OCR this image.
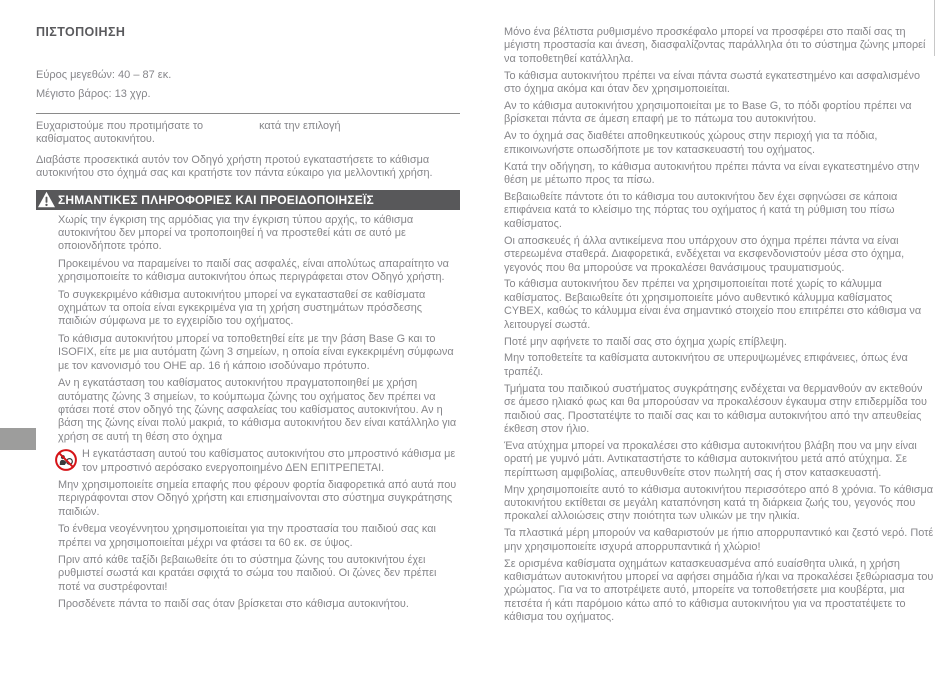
ΠΙΣΤΟΠΟΙΗΣΗ

Εύρος μεγεθών: 40 – 87 εκ.

Μέγιστο βάρος: 13 χγρ.

Ευχαριστούμε που προτιμήσατε το	κατά την επιλογή
καθίσματος αυτοκινήτου.

Διαβάστε προσεκτικά αυτόν τον Οδηγό χρήστη προτού εγκαταστήσετε το κάθισμα αυτοκινήτου στο όχημά σας και κρατήστε τον πάντα εύκαιρο για μελλοντική χρήση.

ΣΗΜΑΝΤΙΚΕΣ ΠΛΗΡΟΦΟΡΙΕΣ ΚΑΙ ΠΡΟΕΙΔΟΠΟΙΗΣΕΪΣ

Χωρίς την έγκριση της αρμόδιας για την έγκριση τύπου αρχής, το κάθισμα αυτοκινήτου δεν μπορεί να τροποποιηθεί ή να προστεθεί κάτι σε αυτό με οποιονδήποτε τρόπο.

Προκειμένου να παραμείνει το παιδί σας ασφαλές, είναι απολύτως απαραίτητο να χρησιμοποιείτε το κάθισμα αυτοκινήτου όπως περιγράφεται στον Οδηγό χρήστη.

Το συγκεκριμένο κάθισμα αυτοκινήτου μπορεί να εγκατασταθεί σε καθίσματα οχημάτων τα οποία είναι εγκεκριμένα για τη χρήση συστημάτων πρόσδεσης παιδιών σύμφωνα με το εγχειρίδιο του οχήματος.

Το κάθισμα αυτοκινήτου μπορεί να τοποθετηθεί είτε με την βάση Base G και το ISOFIX, είτε με μια αυτόματη ζώνη 3 σημείων, η οποία είναι εγκεκριμένη σύμφωνα με τον κανονισμό του ΟΗΕ αρ. 16 ή κάποιο ισοδύναμο πρότυπο.

Αν η εγκατάσταση του καθίσματος αυτοκινήτου πραγματοποιηθεί με χρήση αυτόματης ζώνης 3 σημείων, το κούμπωμα ζώνης του οχήματος δεν πρέπει να φτάσει ποτέ στον οδηγό της ζώνης ασφαλείας του καθίσματος αυτοκινήτου. Αν η βάση της ζώνης είναι πολύ μακριά, το κάθισμα αυτοκινήτου δεν είναι κατάλληλο για χρήση σε αυτή τη θέση στο όχημα

Η εγκατάσταση αυτού του καθίσματος αυτοκινήτου στο μπροστινό κάθισμα με τον μπροστινό αερόσακο ενεργοποιημένο ΔΕΝ ΕΠΙΤΡΕΠΕΤΑΙ.

Μην χρησιμοποιείτε σημεία επαφής που φέρουν φορτία διαφορετικά από αυτά που περιγράφονται στον Οδηγό χρήστη και επισημαίνονται στο σύστημα συγκράτησης παιδιών.

Το ένθεμα νεογέννητου χρησιμοποιείται για την προστασία του παιδιού σας και πρέπει να χρησιμοποιείται μέχρι να φτάσει τα 60 εκ. σε ύψος.

Πριν από κάθε ταξίδι βεβαιωθείτε ότι το σύστημα ζώνης του αυτοκινήτου έχει ρυθμιστεί σωστά και κρατάει σφιχτά το σώμα του παιδιού. Οι ζώνες δεν πρέπει ποτέ να συστρέφονται!

Προσδένετε πάντα το παιδί σας όταν βρίσκεται στο κάθισμα αυτοκινήτου.

Μόνο ένα βέλτιστα ρυθμισμένο προσκέφαλο μπορεί να προσφέρει στο παιδί σας τη μέγιστη προστασία και άνεση, διασφαλίζοντας παράλληλα ότι το σύστημα ζώνης μπορεί να τοποθετηθεί κατάλληλα.

Το κάθισμα αυτοκινήτου πρέπει να είναι πάντα σωστά εγκατεστημένο και ασφαλισμένο στο όχημα ακόμα και όταν δεν χρησιμοποιείται.

Αν το κάθισμα αυτοκινήτου χρησιμοποιείται με το Base G, το πόδι φορτίου πρέπει να βρίσκεται πάντα σε άμεση επαφή με το πάτωμα του αυτοκινήτου.

Αν το όχημά σας διαθέτει αποθηκευτικούς χώρους στην περιοχή για τα πόδια, επικοινωνήστε οπωσδήποτε με τον κατασκευαστή του οχήματος.

Κατά την οδήγηση, το κάθισμα αυτοκινήτου πρέπει πάντα να είναι εγκατεστημένο στην θέση με μέτωπο προς τα πίσω.

Βεβαιωθείτε πάντοτε ότι το κάθισμα του αυτοκινήτου δεν έχει σφηνώσει σε κάποια επιφάνεια κατά το κλείσιμο της πόρτας του οχήματος ή κατά τη ρύθμιση του πίσω καθίσματος.

Οι αποσκευές ή άλλα αντικείμενα που υπάρχουν στο όχημα πρέπει πάντα να είναι στερεωμένα σταθερά. Διαφορετικά, ενδέχεται να εκσφενδονιστούν μέσα στο όχημα, γεγονός που θα μπορούσε να προκαλέσει θανάσιμους τραυματισμούς.

Το κάθισμα αυτοκινήτου δεν πρέπει να χρησιμοποιείται ποτέ χωρίς το κάλυμμα καθίσματος. Βεβαιωθείτε ότι χρησιμοποιείτε μόνο αυθεντικό κάλυμμα καθίσματος CYBEX, καθώς το κάλυμμα είναι ένα σημαντικό στοιχείο που επιτρέπει στο κάθισμα να λειτουργεί σωστά.

Ποτέ μην αφήνετε το παιδί σας στο όχημα χωρίς επίβλεψη.

Μην τοποθετείτε τα καθίσματα αυτοκινήτου σε υπερυψωμένες επιφάνειες, όπως ένα τραπέζι.

Τμήματα του παιδικού συστήματος συγκράτησης ενδέχεται να θερμανθούν αν εκτεθούν σε άμεσο ηλιακό φως και θα μπορούσαν να προκαλέσουν έγκαυμα στην επιδερμίδα του παιδιού σας. Προστατέψτε το παιδί σας και το κάθισμα αυτοκινήτου από την απευθείας έκθεση στον ήλιο.

Ένα ατύχημα μπορεί να προκαλέσει στο κάθισμα αυτοκινήτου βλάβη που να μην είναι ορατή με γυμνό μάτι. Αντικαταστήστε το κάθισμα αυτοκινήτου μετά από ατύχημα. Σε περίπτωση αμφιβολίας, απευθυνθείτε στον πωλητή σας ή στον κατασκευαστή.

Μην χρησιμοποιείτε αυτό το κάθισμα αυτοκινήτου περισσότερο από 8 χρόνια. Το κάθισμα αυτοκινήτου εκτίθεται σε μεγάλη καταπόνηση κατά τη διάρκεια ζωής του, γεγονός που προκαλεί αλλοιώσεις στην ποιότητα των υλικών με την ηλικία.

Τα πλαστικά μέρη μπορούν να καθαριστούν με ήπιο απορρυπαντικό και ζεστό νερό. Ποτέ μην χρησιμοποιείτε ισχυρά απορρυπαντικά ή χλώριο!

Σε ορισμένα καθίσματα οχημάτων κατασκευασμένα από ευαίσθητα υλικά, η χρήση καθισμάτων αυτοκινήτου μπορεί να αφήσει σημάδια ή/και να προκαλέσει ξεθώριασμα του χρώματος. Για να το αποτρέψετε αυτό, μπορείτε να τοποθετήσετε μια κουβέρτα, μια πετσέτα ή κάτι παρόμοιο κάτω από το κάθισμα αυτοκινήτου για να προστατέψετε το κάθισμα του οχήματος.
